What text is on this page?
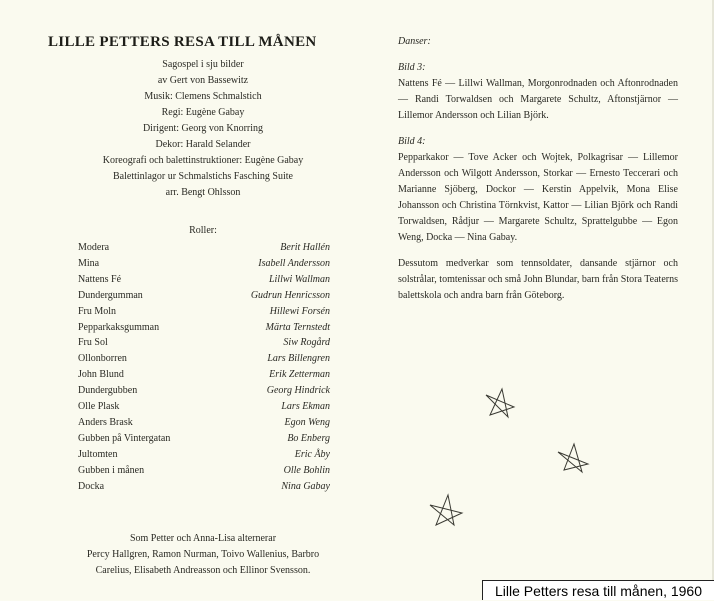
LILLE PETTERS RESA TILL MÅNEN
Sagospel i sju bilder
av Gert von Bassewitz
Musik: Clemens Schmalstich
Regi: Eugène Gabay
Dirigent: Georg von Knorring
Dekor: Harald Selander
Koreografi och balettinstruktioner: Eugène Gabay
Balettinlagor ur Schmalstichs Fasching Suite
arr. Bengt Ohlsson
Roller:
Modera	Berit Hallén
Mina	Isabell Andersson
Nattens Fé	Lillwi Wallman
Dundergumman	Gudrun Henricsson
Fru Moln	Hillewi Forsén
Pepparkaksgumman	Märta Ternstedt
Fru Sol	Siw Rogård
Ollonborren	Lars Billengren
John Blund	Erik Zetterman
Dundergubben	Georg Hindrick
Olle Plask	Lars Ekman
Anders Brask	Egon Weng
Gubben på Vintergatan	Bo Enberg
Jultomten	Eric Åby
Gubben i månen	Olle Bohlin
Docka	Nina Gabay
Som Petter och Anna-Lisa alternerar
Percy Hallgren, Ramon Nurman, Toivo Wallenius, Barbro
Carelius, Elisabeth Andreasson och Ellinor Svensson.

Danser:

Bild 3:

Nattens Fé — Lillwi Wallman, Morgonrodnaden och Aftonrodnaden — Randi Torwaldsen och Margarete Schultz, Aftonstjärnor — Lillemor Andersson och Lilian Björk.

Bild 4:

Pepparkakor — Tove Acker och Wojtek, Polkagrisar — Lillemor Andersson och Wilgott Andersson, Storkar — Ernesto Teccerari och Marianne Sjöberg, Dockor — Kerstin Appelvik, Mona Elise Johansson och Christina Törnkvist, Kattor — Lilian Björk och Randi Torwaldsen, Rådjur — Margarete Schultz, Sprattelgubbe — Egon Weng, Docka — Nina Gabay.

Dessutom medverkar som tennsoldater, dansande stjärnor och solstrålar, tomtenissar och små John Blundar, barn från Stora Teaterns balettskola och andra barn från Göteborg.

Lille Petters resa till månen, 1960
